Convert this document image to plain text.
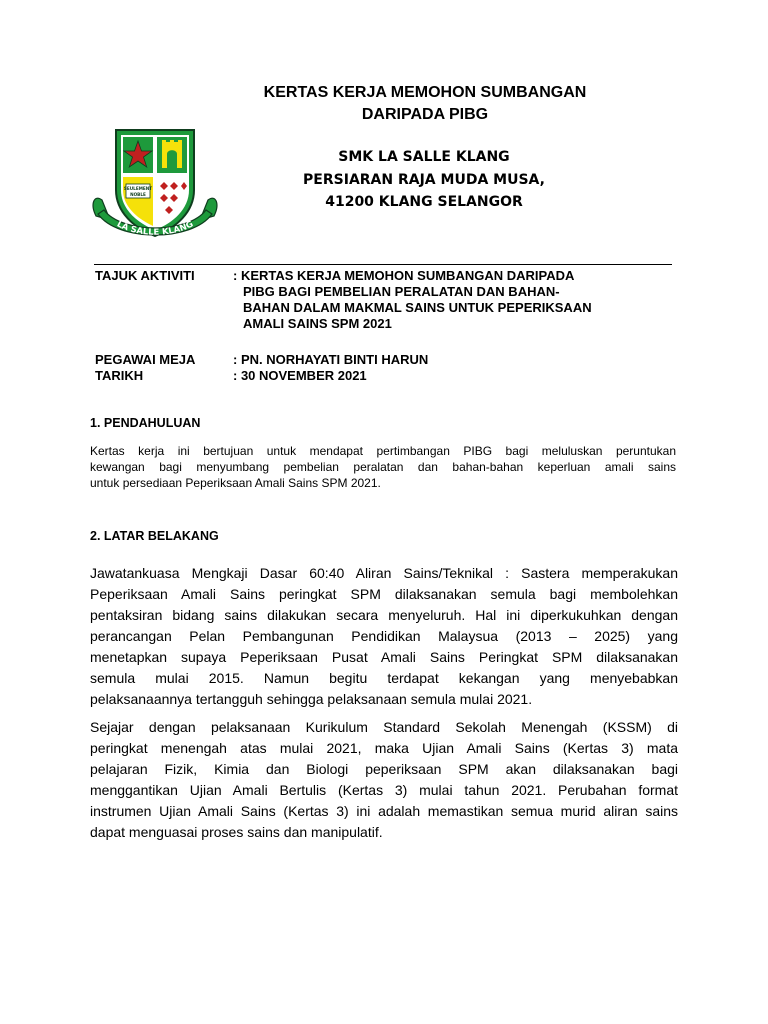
KERTAS KERJA MEMOHON SUMBANGAN
DARIPADA PIBG
SEULEMENT
NOBLE
LA SALLE KLANG
SMK LA SALLE KLANG
PERSIARAN RAJA MUDA MUSA,
41200 KLANG SELANGOR
TAJUK AKTIVITI	: KERTAS KERJA MEMOHON SUMBANGAN DARIPADA
PIBG BAGI PEMBELIAN PERALATAN DAN BAHAN-
BAHAN DALAM MAKMAL SAINS UNTUK PEPERIKSAAN
AMALI SAINS SPM 2021

PEGAWAI MEJA	: PN. NORHAYATI BINTI HARUN
TARIKH	: 30 NOVEMBER 2021
1. PENDAHULUAN
Kertas kerja ini bertujuan untuk mendapat pertimbangan PIBG bagi meluluskan peruntukan
kewangan bagi menyumbang pembelian peralatan dan bahan-bahan keperluan amali sains
untuk persediaan Peperiksaan Amali Sains SPM 2021.
2. LATAR BELAKANG
Jawatankuasa Mengkaji Dasar 60:40 Aliran Sains/Teknikal : Sastera memperakukan
Peperiksaan Amali Sains peringkat SPM dilaksanakan semula bagi membolehkan
pentaksiran bidang sains dilakukan secara menyeluruh. Hal ini diperkukuhkan dengan
perancangan Pelan Pembangunan Pendidikan Malaysua (2013 – 2025) yang
menetapkan supaya Peperiksaan Pusat Amali Sains Peringkat SPM dilaksanakan
semula mulai 2015. Namun begitu terdapat kekangan yang menyebabkan
pelaksanaannya tertangguh sehingga pelaksanaan semula mulai 2021.
Sejajar dengan pelaksanaan Kurikulum Standard Sekolah Menengah (KSSM) di
peringkat menengah atas mulai 2021, maka Ujian Amali Sains (Kertas 3) mata
pelajaran Fizik, Kimia dan Biologi peperiksaan SPM akan dilaksanakan bagi
menggantikan Ujian Amali Bertulis (Kertas 3) mulai tahun 2021. Perubahan format
instrumen Ujian Amali Sains (Kertas 3) ini adalah memastikan semua murid aliran sains
dapat menguasai proses sains dan manipulatif.
